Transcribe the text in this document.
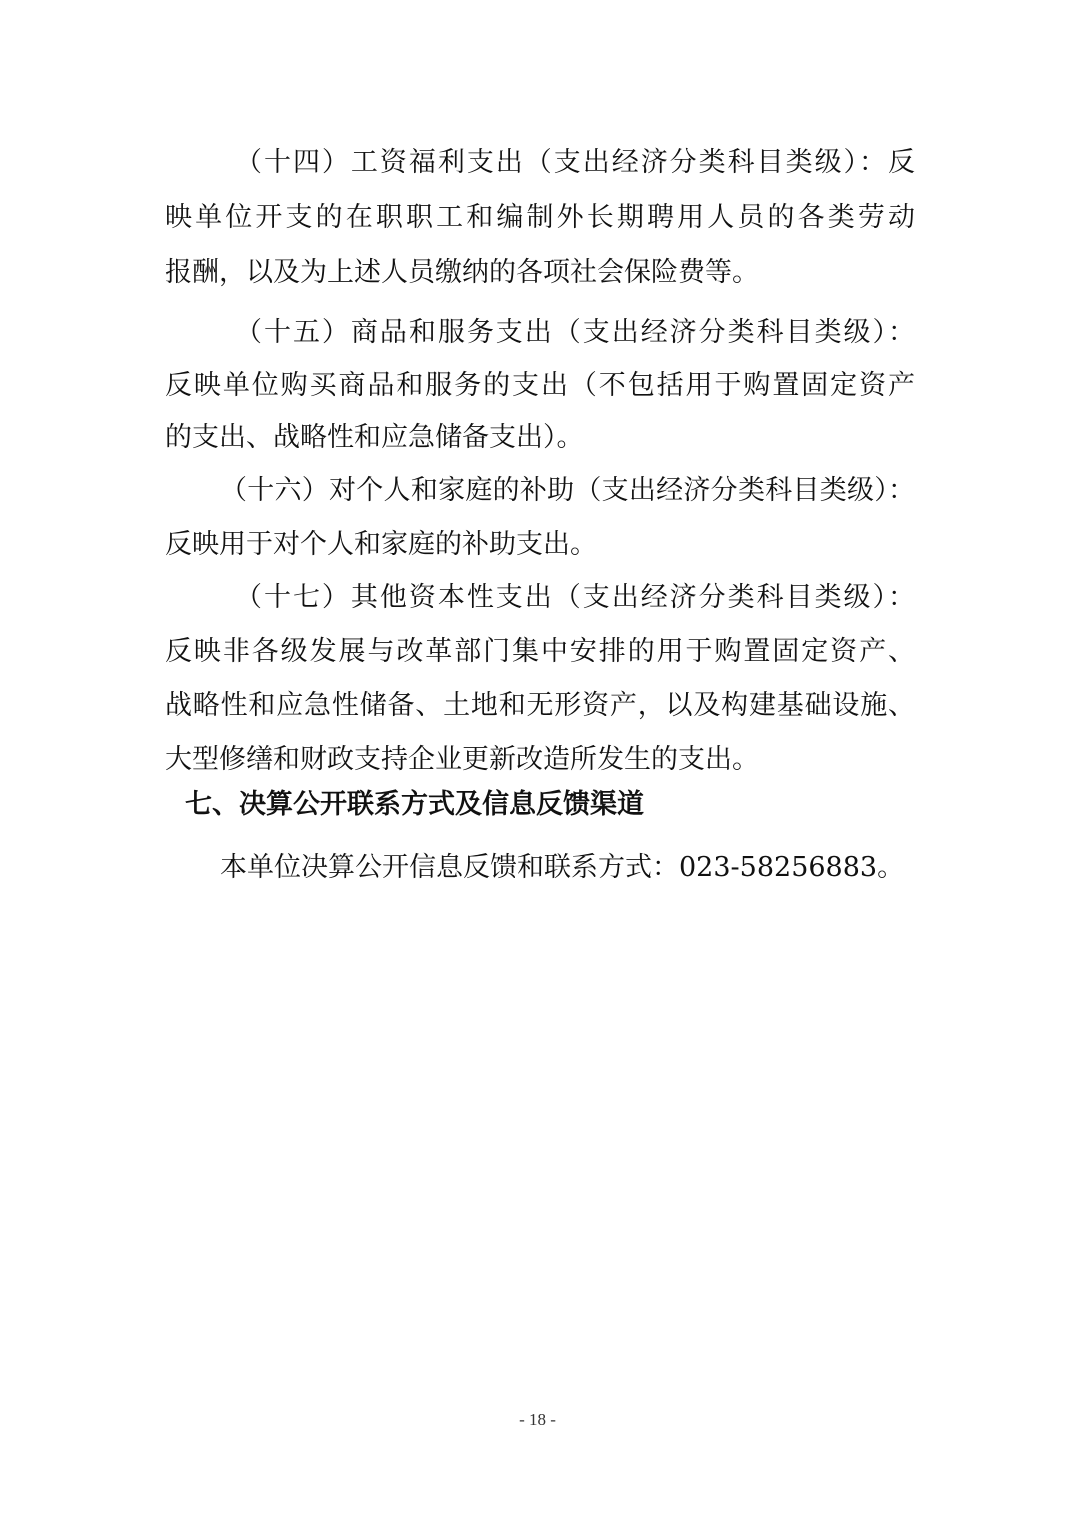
（十四）工资福利支出（支出经济分类科目类级）：反
映单位开支的在职职工和编制外长期聘用人员的各类劳动
报酬，以及为上述人员缴纳的各项社会保险费等。
（十五）商品和服务支出（支出经济分类科目类级）：
反映单位购买商品和服务的支出（不包括用于购置固定资产
的支出、战略性和应急储备支出）。
（十六）对个人和家庭的补助（支出经济分类科目类级）：
反映用于对个人和家庭的补助支出。
（十七）其他资本性支出（支出经济分类科目类级）：
反映非各级发展与改革部门集中安排的用于购置固定资产、
战略性和应急性储备、土地和无形资产，以及构建基础设施、
大型修缮和财政支持企业更新改造所发生的支出。
七、决算公开联系方式及信息反馈渠道
本单位决算公开信息反馈和联系方式：023-58256883。
- 18 -
